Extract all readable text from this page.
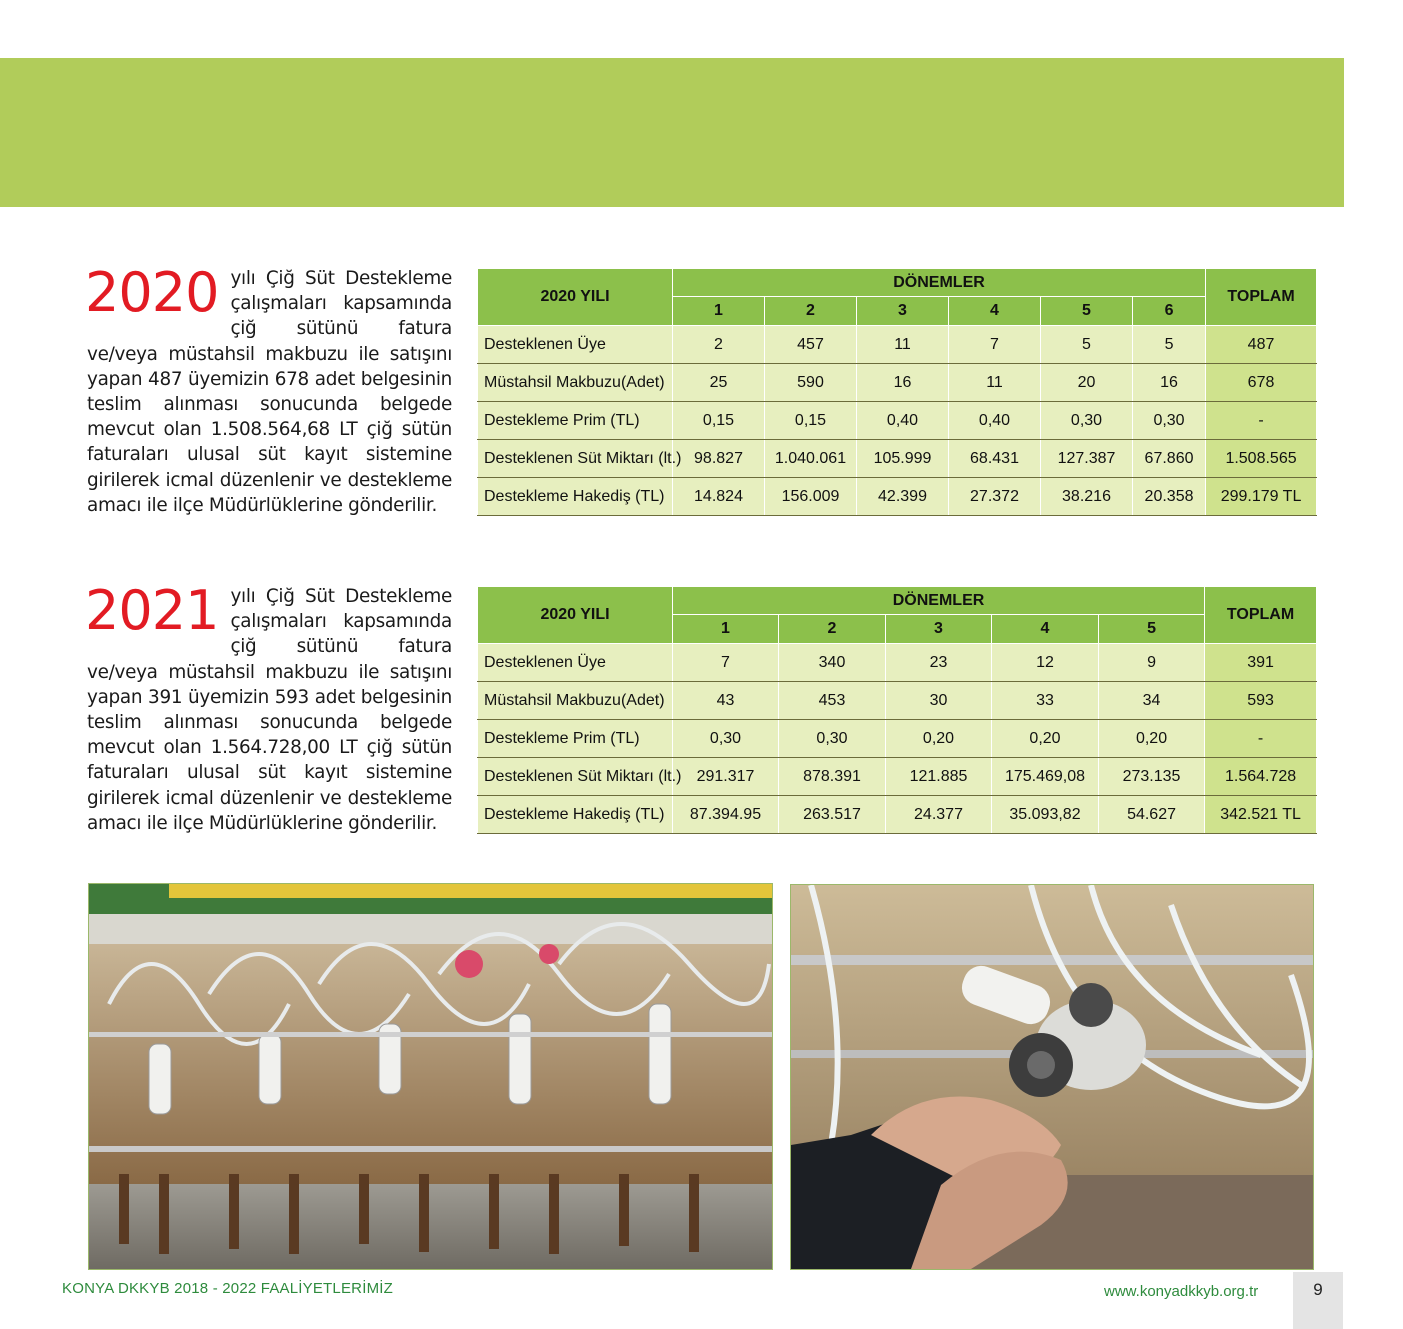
2020 yılı Çiğ Süt Destekleme çalışmaları kapsamında çiğ sütünü fatura ve/veya müstahsil makbuzu ile satışını yapan 487 üyemizin 678 adet belgesinin teslim alınması sonucunda belgede mevcut olan 1.508.564,68 LT çiğ sütün faturaları ulusal süt kayıt sistemine girilerek icmal düzenlenir ve destekleme amacı ile ilçe Müdürlüklerine gönderilir.

2020 YILI	DÖNEMLER						TOPLAM
	1	2	3	4	5	6	
Desteklenen Üye	2	457	11	7	5	5	487
Müstahsil Makbuzu(Adet)	25	590	16	11	20	16	678
Destekleme Prim (TL)	0,15	0,15	0,40	0,40	0,30	0,30	-
Desteklenen Süt Miktarı (lt.)	98.827	1.040.061	105.999	68.431	127.387	67.860	1.508.565
Destekleme Hakediş (TL)	14.824	156.009	42.399	27.372	38.216	20.358	299.179 TL
2021 yılı Çiğ Süt Destekleme çalışmaları kapsamında çiğ sütünü fatura ve/veya müstahsil makbuzu ile satışını yapan 391 üyemizin 593 adet belgesinin teslim alınması sonucunda belgede mevcut olan 1.564.728,00 LT çiğ sütün faturaları ulusal süt kayıt sistemine girilerek icmal düzenlenir ve destekleme amacı ile ilçe Müdürlüklerine gönderilir.

2020 YILI	DÖNEMLER					TOPLAM
	1	2	3	4	5	
Desteklenen Üye	7	340	23	12	9	391
Müstahsil Makbuzu(Adet)	43	453	30	33	34	593
Destekleme Prim (TL)	0,30	0,30	0,20	0,20	0,20	-
Desteklenen Süt Miktarı (lt.)	291.317	878.391	121.885	175.469,08	273.135	1.564.728
Destekleme Hakediş (TL)	87.394.95	263.517	24.377	35.093,82	54.627	342.521 TL
KONYA DKKYB 2018 - 2022 FAALİYETLERİMİZ	www.konyadkkyb.org.tr	9
